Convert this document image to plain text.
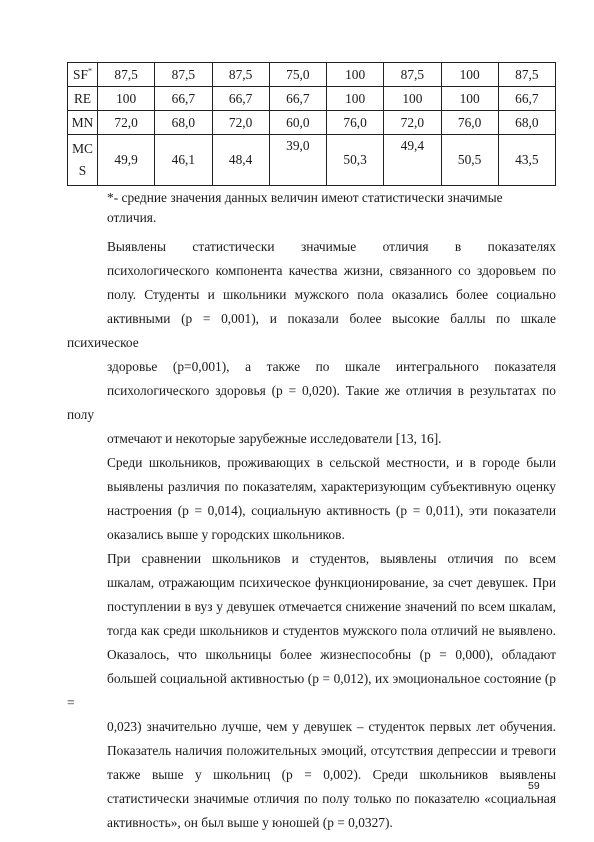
SF*	87,5	87,5	87,5	75,0	100	87,5	100	87,5
RE	100	66,7	66,7	66,7	100	100	100	66,7
MN	72,0	68,0	72,0	60,0	76,0	72,0	76,0	68,0

MC
S	49,9	46,1	48,4	39,0	50,3	49,4	50,5	43,5
*- средние значения данных величин имеют статистически значимые
отличия.

Выявлены статистически значимые отличия в показателях
психологического компонента качества жизни, связанного со здоровьем по
полу. Студенты и школьники мужского пола оказались более социально
активными (р = 0,001), и показали более высокие баллы по шкале психическое
здоровье (р=0,001), а также по шкале интегрального показателя
психологического здоровья (р = 0,020). Такие же отличия в результатах по полу
отмечают и некоторые зарубежные исследователи [13, 16].

Среди школьников, проживающих в сельской местности, и в городе были
выявлены различия по показателям, характеризующим субъективную оценку
настроения (р = 0,014), социальную активность (р = 0,011), эти показатели
оказались выше у городских школьников.

При сравнении школьников и студентов, выявлены отличия по всем
шкалам, отражающим психическое функционирование, за счет девушек. При
поступлении в вуз у девушек отмечается снижение значений по всем шкалам,
тогда как среди школьников и студентов мужского пола отличий не выявлено.
Оказалось, что школьницы более жизнеспособны (р = 0,000), обладают
большей социальной активностью (р = 0,012), их эмоциональное состояние (р =
0,023) значительно лучше, чем у девушек – студенток первых лет обучения.
Показатель наличия положительных эмоций, отсутствия депрессии и тревоги
также выше у школьниц (р = 0,002). Среди школьников выявлены
статистически значимые отличия по полу только по показателю «социальная
активность», он был выше у юношей (р = 0,0327).

59
